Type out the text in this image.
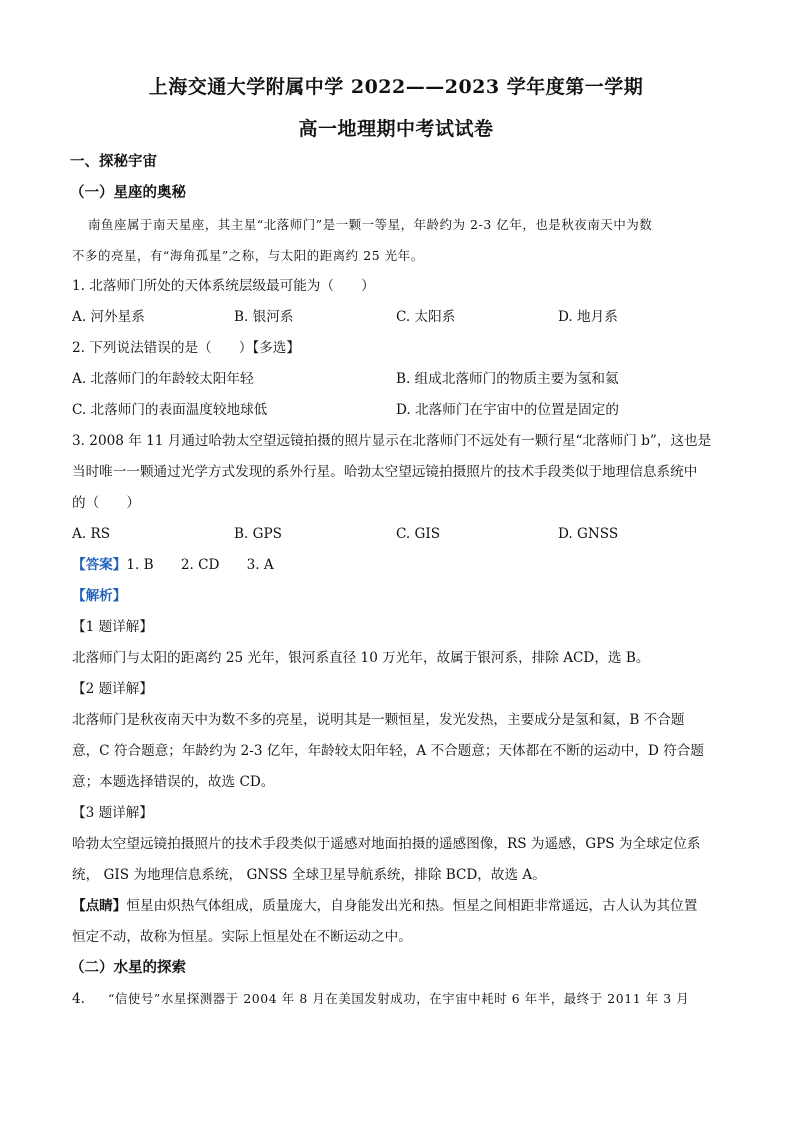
上海交通大学附属中学 2022——2023 学年度第一学期
高一地理期中考试试卷
一、探秘宇宙
（一）星座的奥秘
南鱼座属于南天星座，其主星“北落师门”是一颗一等星，年龄约为 2-3 亿年，也是秋夜南天中为数
不多的亮星，有“海角孤星”之称，与太阳的距离约 25 光年。
1. 北落师门所处的天体系统层级最可能为（　　）
A. 河外星系	B. 银河系	C. 太阳系	D. 地月系
2. 下列说法错误的是（　　）【多选】
A. 北落师门的年龄较太阳年轻	B. 组成北落师门的物质主要为氢和氦
C. 北落师门的表面温度较地球低	D. 北落师门在宇宙中的位置是固定的
3. 2008 年 11 月通过哈勃太空望远镜拍摄的照片显示在北落师门不远处有一颗行星“北落师门 b”，这也是
当时唯一一颗通过光学方式发现的系外行星。哈勃太空望远镜拍摄照片的技术手段类似于地理信息系统中
的（　　）
A. RS	B. GPS	C. GIS	D. GNSS
【答案】1. B　　2. CD　　3. A
【解析】
【1 题详解】
北落师门与太阳的距离约 25 光年，银河系直径 10 万光年，故属于银河系，排除 ACD，选 B。
【2 题详解】
北落师门是秋夜南天中为数不多的亮星，说明其是一颗恒星，发光发热，主要成分是氢和氦，B 不合题
意，C 符合题意；年龄约为 2-3 亿年，年龄较太阳年轻，A 不合题意；天体都在不断的运动中，D 符合题
意；本题选择错误的，故选 CD。
【3 题详解】
哈勃太空望远镜拍摄照片的技术手段类似于遥感对地面拍摄的遥感图像，RS 为遥感，GPS 为全球定位系
统， GIS 为地理信息系统， GNSS 全球卫星导航系统，排除 BCD，故选 A。
【点睛】恒星由炽热气体组成，质量庞大，自身能发出光和热。恒星之间相距非常遥远，古人认为其位置
恒定不动，故称为恒星。实际上恒星处在不断运动之中。
（二）水星的探索
4. “信使号”水星探测器于 2004 年 8 月在美国发射成功，在宇宙中耗时 6 年半，最终于 2011 年 3 月
